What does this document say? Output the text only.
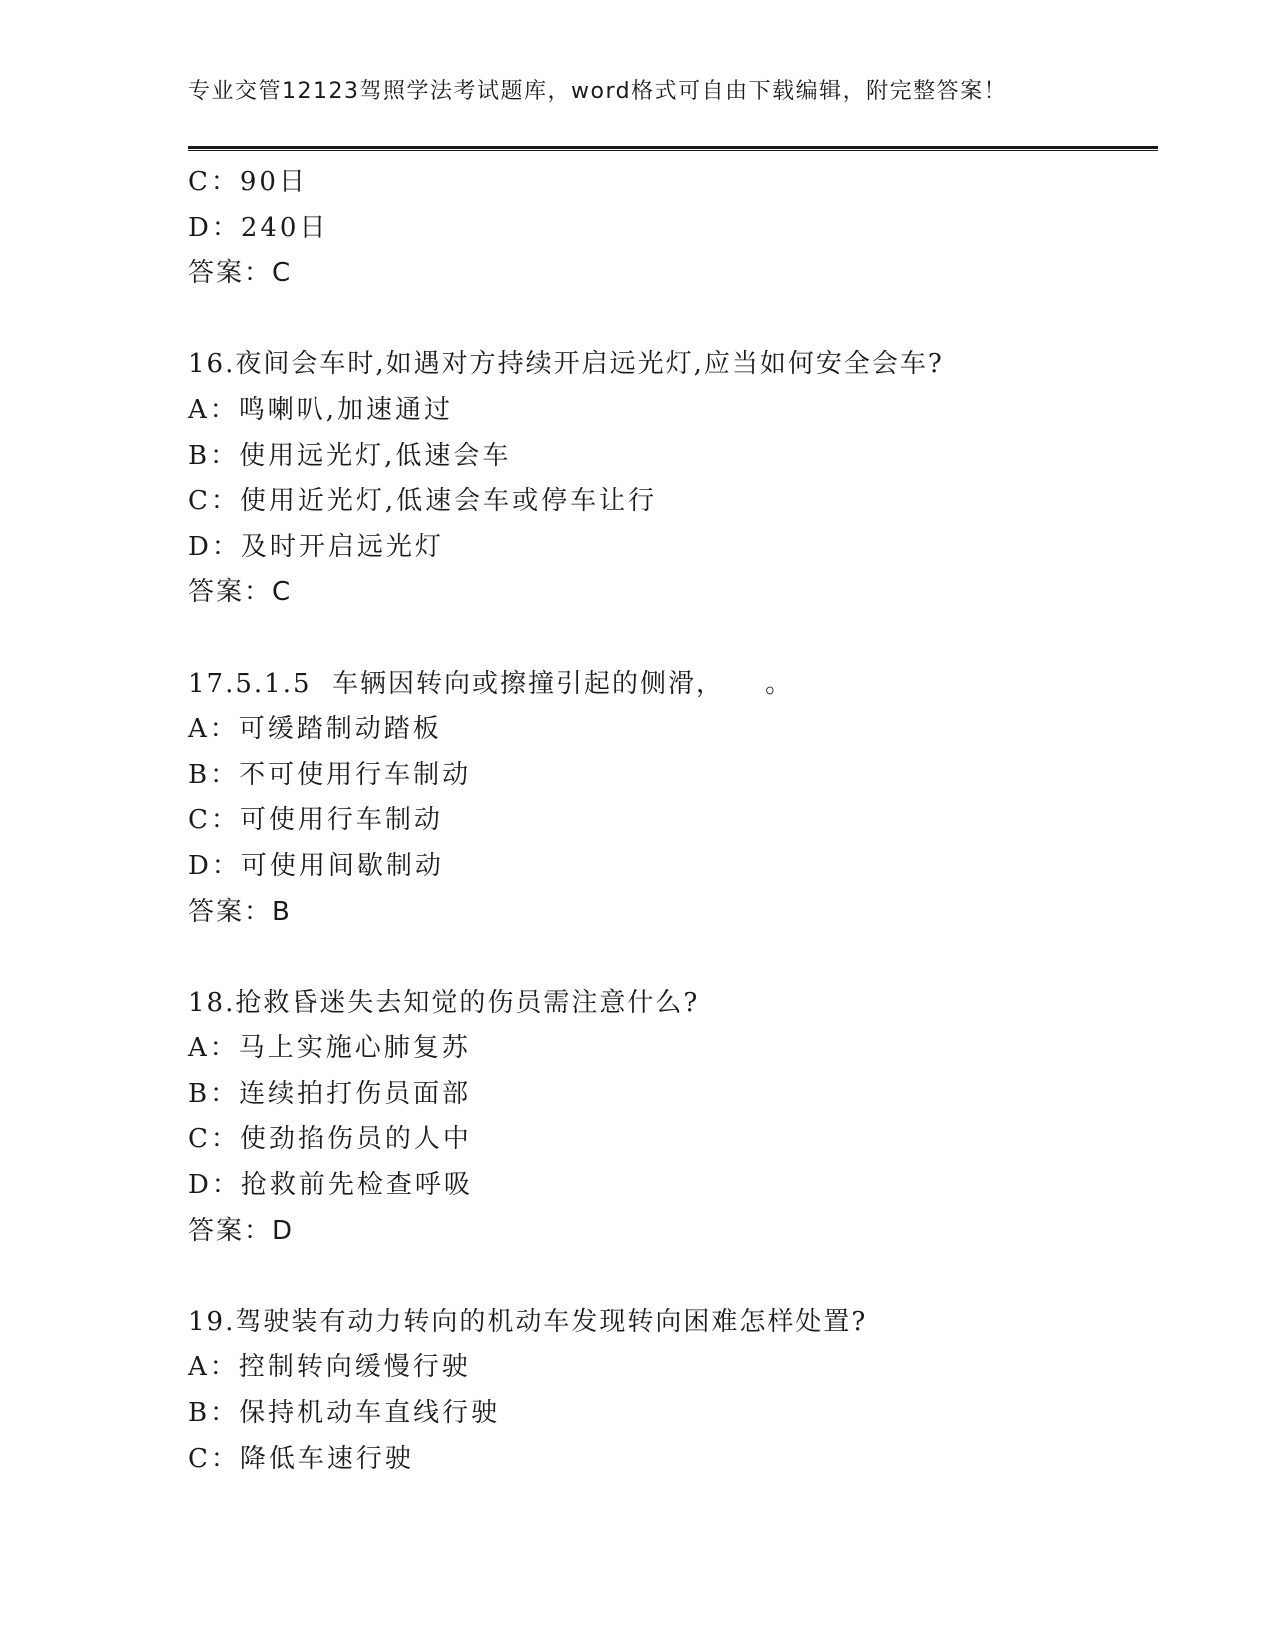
专业交管12123驾照学法考试题库，word格式可自由下载编辑，附完整答案！
C：90日
D：240日
答案：C
16.夜间会车时,如遇对方持续开启远光灯,应当如何安全会车?
A：鸣喇叭,加速通过
B：使用远光灯,低速会车
C：使用近光灯,低速会车或停车让行
D：及时开启远光灯
答案：C
17.5.1.5  车辆因转向或擦撞引起的侧滑，    。
A：可缓踏制动踏板
B：不可使用行车制动
C：可使用行车制动
D：可使用间歇制动
答案：B
18.抢救昏迷失去知觉的伤员需注意什么?
A：马上实施心肺复苏
B：连续拍打伤员面部
C：使劲掐伤员的人中
D：抢救前先检查呼吸
答案：D
19.驾驶装有动力转向的机动车发现转向困难怎样处置?
A：控制转向缓慢行驶
B：保持机动车直线行驶
C：降低车速行驶
